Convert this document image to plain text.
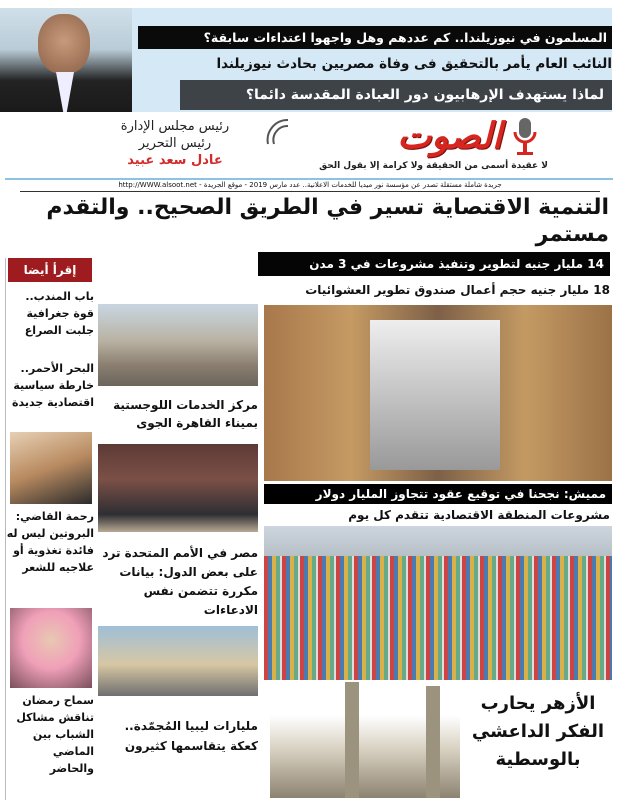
المسلمون في نيوزيلندا.. كم عددهم وهل واجهوا اعتداءات سابقة؟
النائب العام يأمر بالتحقيق فى وفاة مصريين بحادث نيوزيلندا
لماذا يستهدف الإرهابيون دور العبادة المقدسة دائما؟
رئيس مجلس الإدارة
رئيس التحرير
عادل سعد عبيد
الصوت
لا عقيدة أسمى من الحقيقة ولا كرامة إلا بقول الحق
جريدة شاملة مستقلة تصدر عن مؤسسة نور ميديا للخدمات الاعلانية.. عدد مارس 2019 - موقع الجريدة - http://WWW.alsoot.net
التنمية الاقتصاية تسير في الطريق الصحيح.. والتقدم مستمر
14 مليار جنيه لتطوير وتنفيذ مشروعات في 3 مدن
18 مليار جنيه حجم أعمال صندوق تطوير العشوائيات
إقرأ أيضا
باب المندب.. قوة جغرافية جلبت الصراع
البحر الأحمر.. خارطة سياسية اقتصادية جديدة
رحمة القاضي: البروتين ليس له فائدة تغذوية أو علاجيه للشعر
سماح رمضان تناقش مشاكل الشباب بين الماضي والحاضر
مركز الخدمات اللوجستية بميناء القاهرة الجوى
مصر في الأمم المتحدة ترد على بعض الدول: بيانات مكررة تتضمن نفس الادعاءات
مليارات ليبيا المُجمّدة.. كعكة يتقاسمها كثيرون
مميش: نجحنا في توقيع عقود تتجاوز المليار دولار
مشروعات المنطقة الاقتصادية تتقدم كل يوم
الأزهر يحارب الفكر الداعشي بالوسطية
